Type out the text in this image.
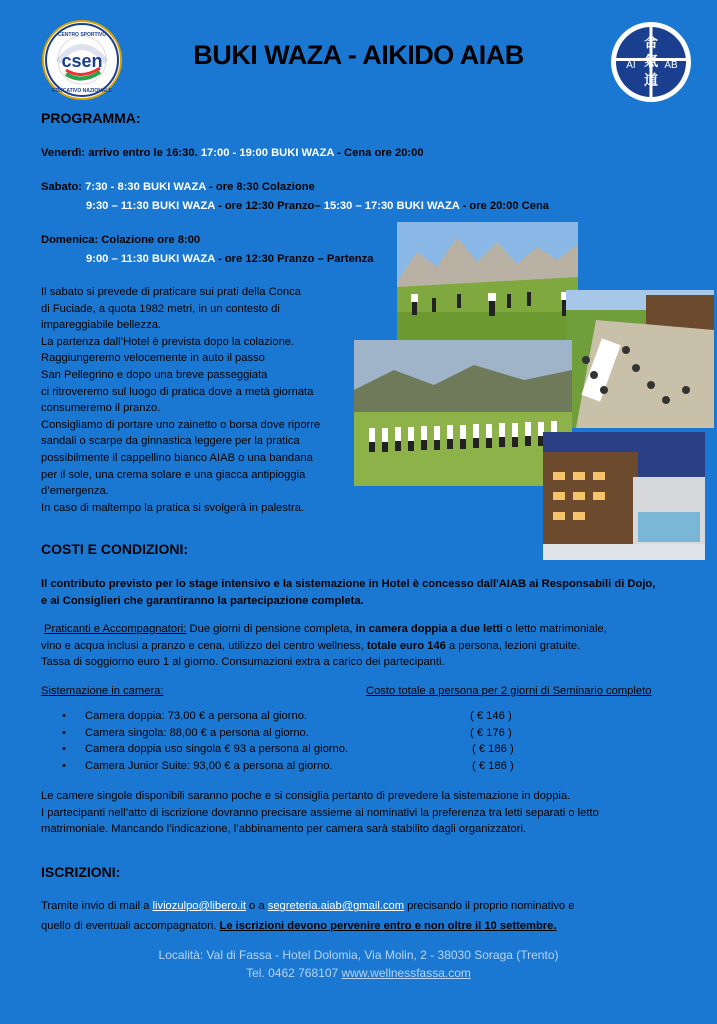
csen
CENTRO SPORTIVO
EDUCATIVO NAZIONALE
AI	AB
合
氣
道
BUKI WAZA - AIKIDO AIAB
PROGRAMMA:
Venerdì: arrivo entro le 16:30. 17:00 - 19:00 BUKI WAZA - Cena ore 20:00
Sabato: 7:30 - 8:30 BUKI WAZA - ore 8:30 Colazione
9:30 – 11:30 BUKI WAZA - ore 12:30 Pranzo– 15:30 – 17:30 BUKI WAZA - ore 20:00 Cena
Domenica: Colazione ore 8:00
9:00 – 11:30 BUKI WAZA - ore 12:30 Pranzo – Partenza
Il sabato si prevede di praticare sui prati della Conca
di Fuciade, a quota 1982 metri, in un contesto di
impareggiabile bellezza.
La partenza dall’Hotel è prevista dopo la colazione.
Raggiungeremo velocemente in auto il passo
San Pellegrino e dopo una breve passeggiata
ci ritroveremo sul luogo di pratica dove a metà giornata
consumeremo il pranzo.
Consigliamo di portare uno zainetto o borsa dove riporre
sandali o scarpe da ginnastica leggere per la pratica
possibilmente il cappellino bianco AIAB o una bandana
per il sole, una crema solare e una giacca antipioggia
d’emergenza.
In caso di maltempo la pratica si svolgerà in palestra.
COSTI E CONDIZIONI:
Il contributo previsto per lo stage intensivo e la sistemazione in Hotel è concesso dall'AIAB ai Responsabili di Dojo,
e ai Consiglieri che garantiranno la partecipazione completa.
Praticanti e Accompagnatori: Due giorni di pensione completa, in camera doppia a due letti o letto matrimoniale,
vino e acqua inclusi a pranzo e cena, utilizzo del centro wellness, totale euro 146 a persona, lezioni gratuite.
Tassa di soggiorno euro 1 al giorno. Consumazioni extra a carico dei partecipanti.
Sistemazione in camera:	Costo totale a persona per 2 giorni di Seminario completo
• Camera doppia: 73,00 € a persona al giorno.	( € 146 )
• Camera singola: 88,00 € a persona al giorno.	( € 176 )
• Camera doppia uso singola € 93 a persona al giorno.	( € 186 )
• Camera Junior Suite: 93,00 € a persona al giorno.	( € 186 )
Le camere singole disponibili saranno poche e si consiglia pertanto di prevedere la sistemazione in doppia.
I partecipanti nell’atto di iscrizione dovranno precisare assieme ai nominativi la preferenza tra letti separati o letto
matrimoniale. Mancando l’indicazione, l’abbinamento per camera sarà stabilito dagli organizzatori.
ISCRIZIONI:
Tramite invio di mail a liviozulpo@libero.it o a segreteria.aiab@gmail.com precisando il proprio nominativo e
quello di eventuali accompagnatori. Le iscrizioni devono pervenire entro e non oltre il 10 settembre.
Località: Val di Fassa - Hotel Dolomia, Via Molin, 2 - 38030 Soraga (Trento)
Tel. 0462 768107 www.wellnessfassa.com
